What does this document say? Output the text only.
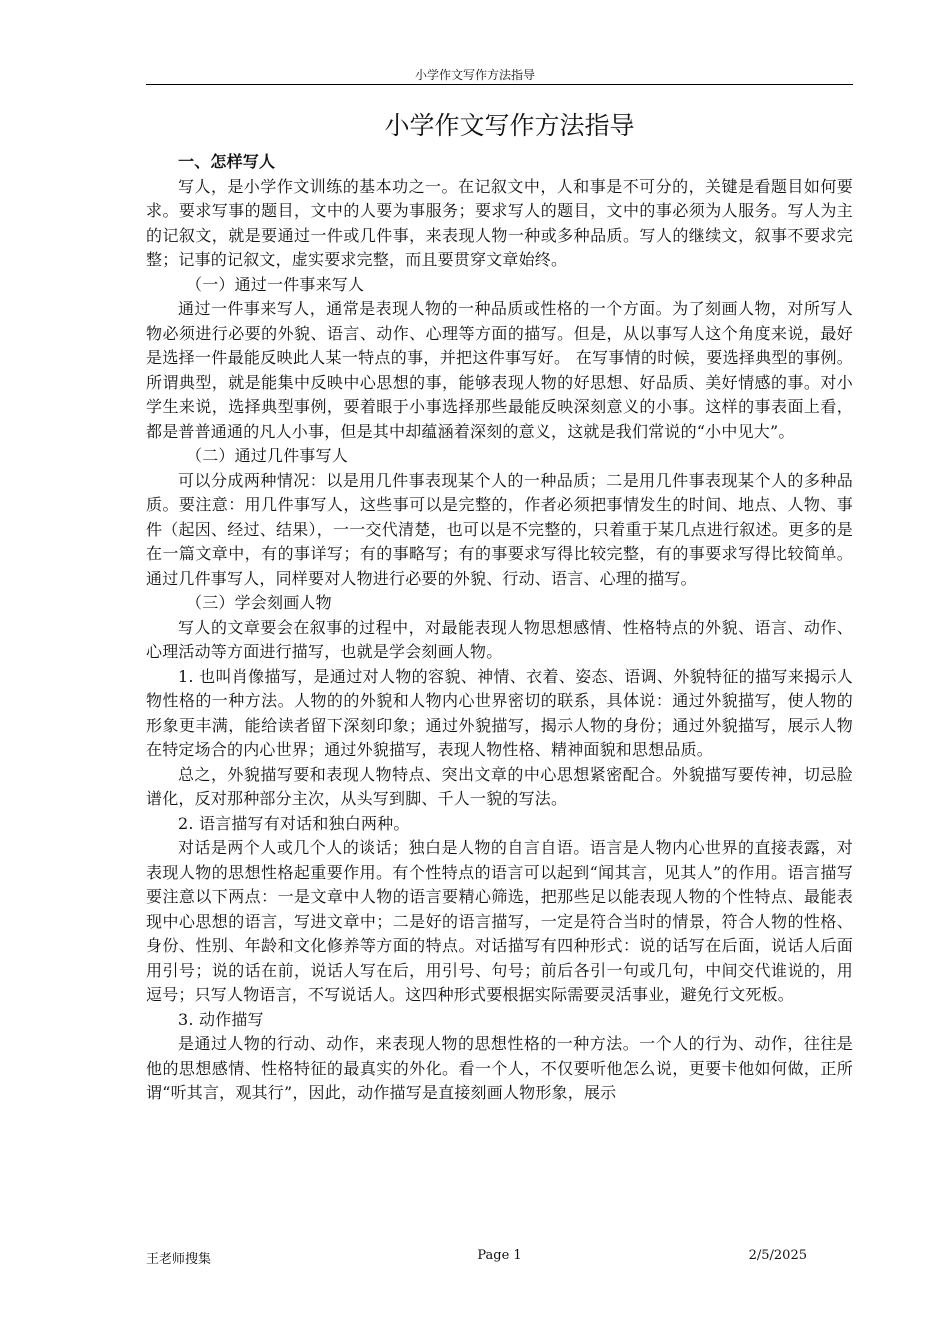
小学作文写作方法指导
小学作文写作方法指导

一、怎样写人

写人，是小学作文训练的基本功之一。在记叙文中，人和事是不可分的，关键是看题目如何要求。要求写事的题目，文中的人要为事服务；要求写人的题目，文中的事必须为人服务。写人为主的记叙文，就是要通过一件或几件事，来表现人物一种或多种品质。写人的继续文，叙事不要求完整；记事的记叙文，虚实要求完整，而且要贯穿文章始终。

（一）通过一件事来写人

通过一件事来写人，通常是表现人物的一种品质或性格的一个方面。为了刻画人物，对所写人物必须进行必要的外貌、语言、动作、心理等方面的描写。但是，从以事写人这个角度来说，最好是选择一件最能反映此人某一特点的事，并把这件事写好。 在写事情的时候，要选择典型的事例。所谓典型，就是能集中反映中心思想的事，能够表现人物的好思想、好品质、美好情感的事。对小学生来说，选择典型事例，要着眼于小事选择那些最能反映深刻意义的小事。这样的事表面上看，都是普普通通的凡人小事，但是其中却蕴涵着深刻的意义，这就是我们常说的“小中见大”。

（二）通过几件事写人

可以分成两种情况：以是用几件事表现某个人的一种品质；二是用几件事表现某个人的多种品质。要注意：用几件事写人，这些事可以是完整的，作者必须把事情发生的时间、地点、人物、事件（起因、经过、结果），一一交代清楚，也可以是不完整的，只着重于某几点进行叙述。更多的是在一篇文章中，有的事详写；有的事略写；有的事要求写得比较完整，有的事要求写得比较简单。 通过几件事写人，同样要对人物进行必要的外貌、行动、语言、心理的描写。

（三）学会刻画人物

写人的文章要会在叙事的过程中，对最能表现人物思想感情、性格特点的外貌、语言、动作、心理活动等方面进行描写，也就是学会刻画人物。

1. 也叫肖像描写，是通过对人物的容貌、神情、衣着、姿态、语调、外貌特征的描写来揭示人物性格的一种方法。人物的的外貌和人物内心世界密切的联系，具体说：通过外貌描写，使人物的形象更丰满，能给读者留下深刻印象；通过外貌描写，揭示人物的身份；通过外貌描写，展示人物在特定场合的内心世界；通过外貌描写，表现人物性格、精神面貌和思想品质。

总之，外貌描写要和表现人物特点、突出文章的中心思想紧密配合。外貌描写要传神，切忌脸谱化，反对那种部分主次，从头写到脚、千人一貌的写法。

2. 语言描写有对话和独白两种。

对话是两个人或几个人的谈话；独白是人物的自言自语。语言是人物内心世界的直接表露，对表现人物的思想性格起重要作用。有个性特点的语言可以起到“闻其言，见其人”的作用。语言描写要注意以下两点：一是文章中人物的语言要精心筛选，把那些足以能表现人物的个性特点、最能表现中心思想的语言，写进文章中；二是好的语言描写，一定是符合当时的情景，符合人物的性格、身份、性别、年龄和文化修养等方面的特点。对话描写有四种形式：说的话写在后面，说话人后面用引号；说的话在前，说话人写在后，用引号、句号；前后各引一句或几句，中间交代谁说的，用逗号；只写人物语言，不写说话人。这四种形式要根据实际需要灵活事业，避免行文死板。

3. 动作描写

是通过人物的行动、动作，来表现人物的思想性格的一种方法。一个人的行为、动作，往往是他的思想感情、性格特征的最真实的外化。看一个人，不仅要听他怎么说，更要卡他如何做，正所谓“听其言，观其行”，因此，动作描写是直接刻画人物形象，展示

王老师搜集	Page 1	2/5/2025
